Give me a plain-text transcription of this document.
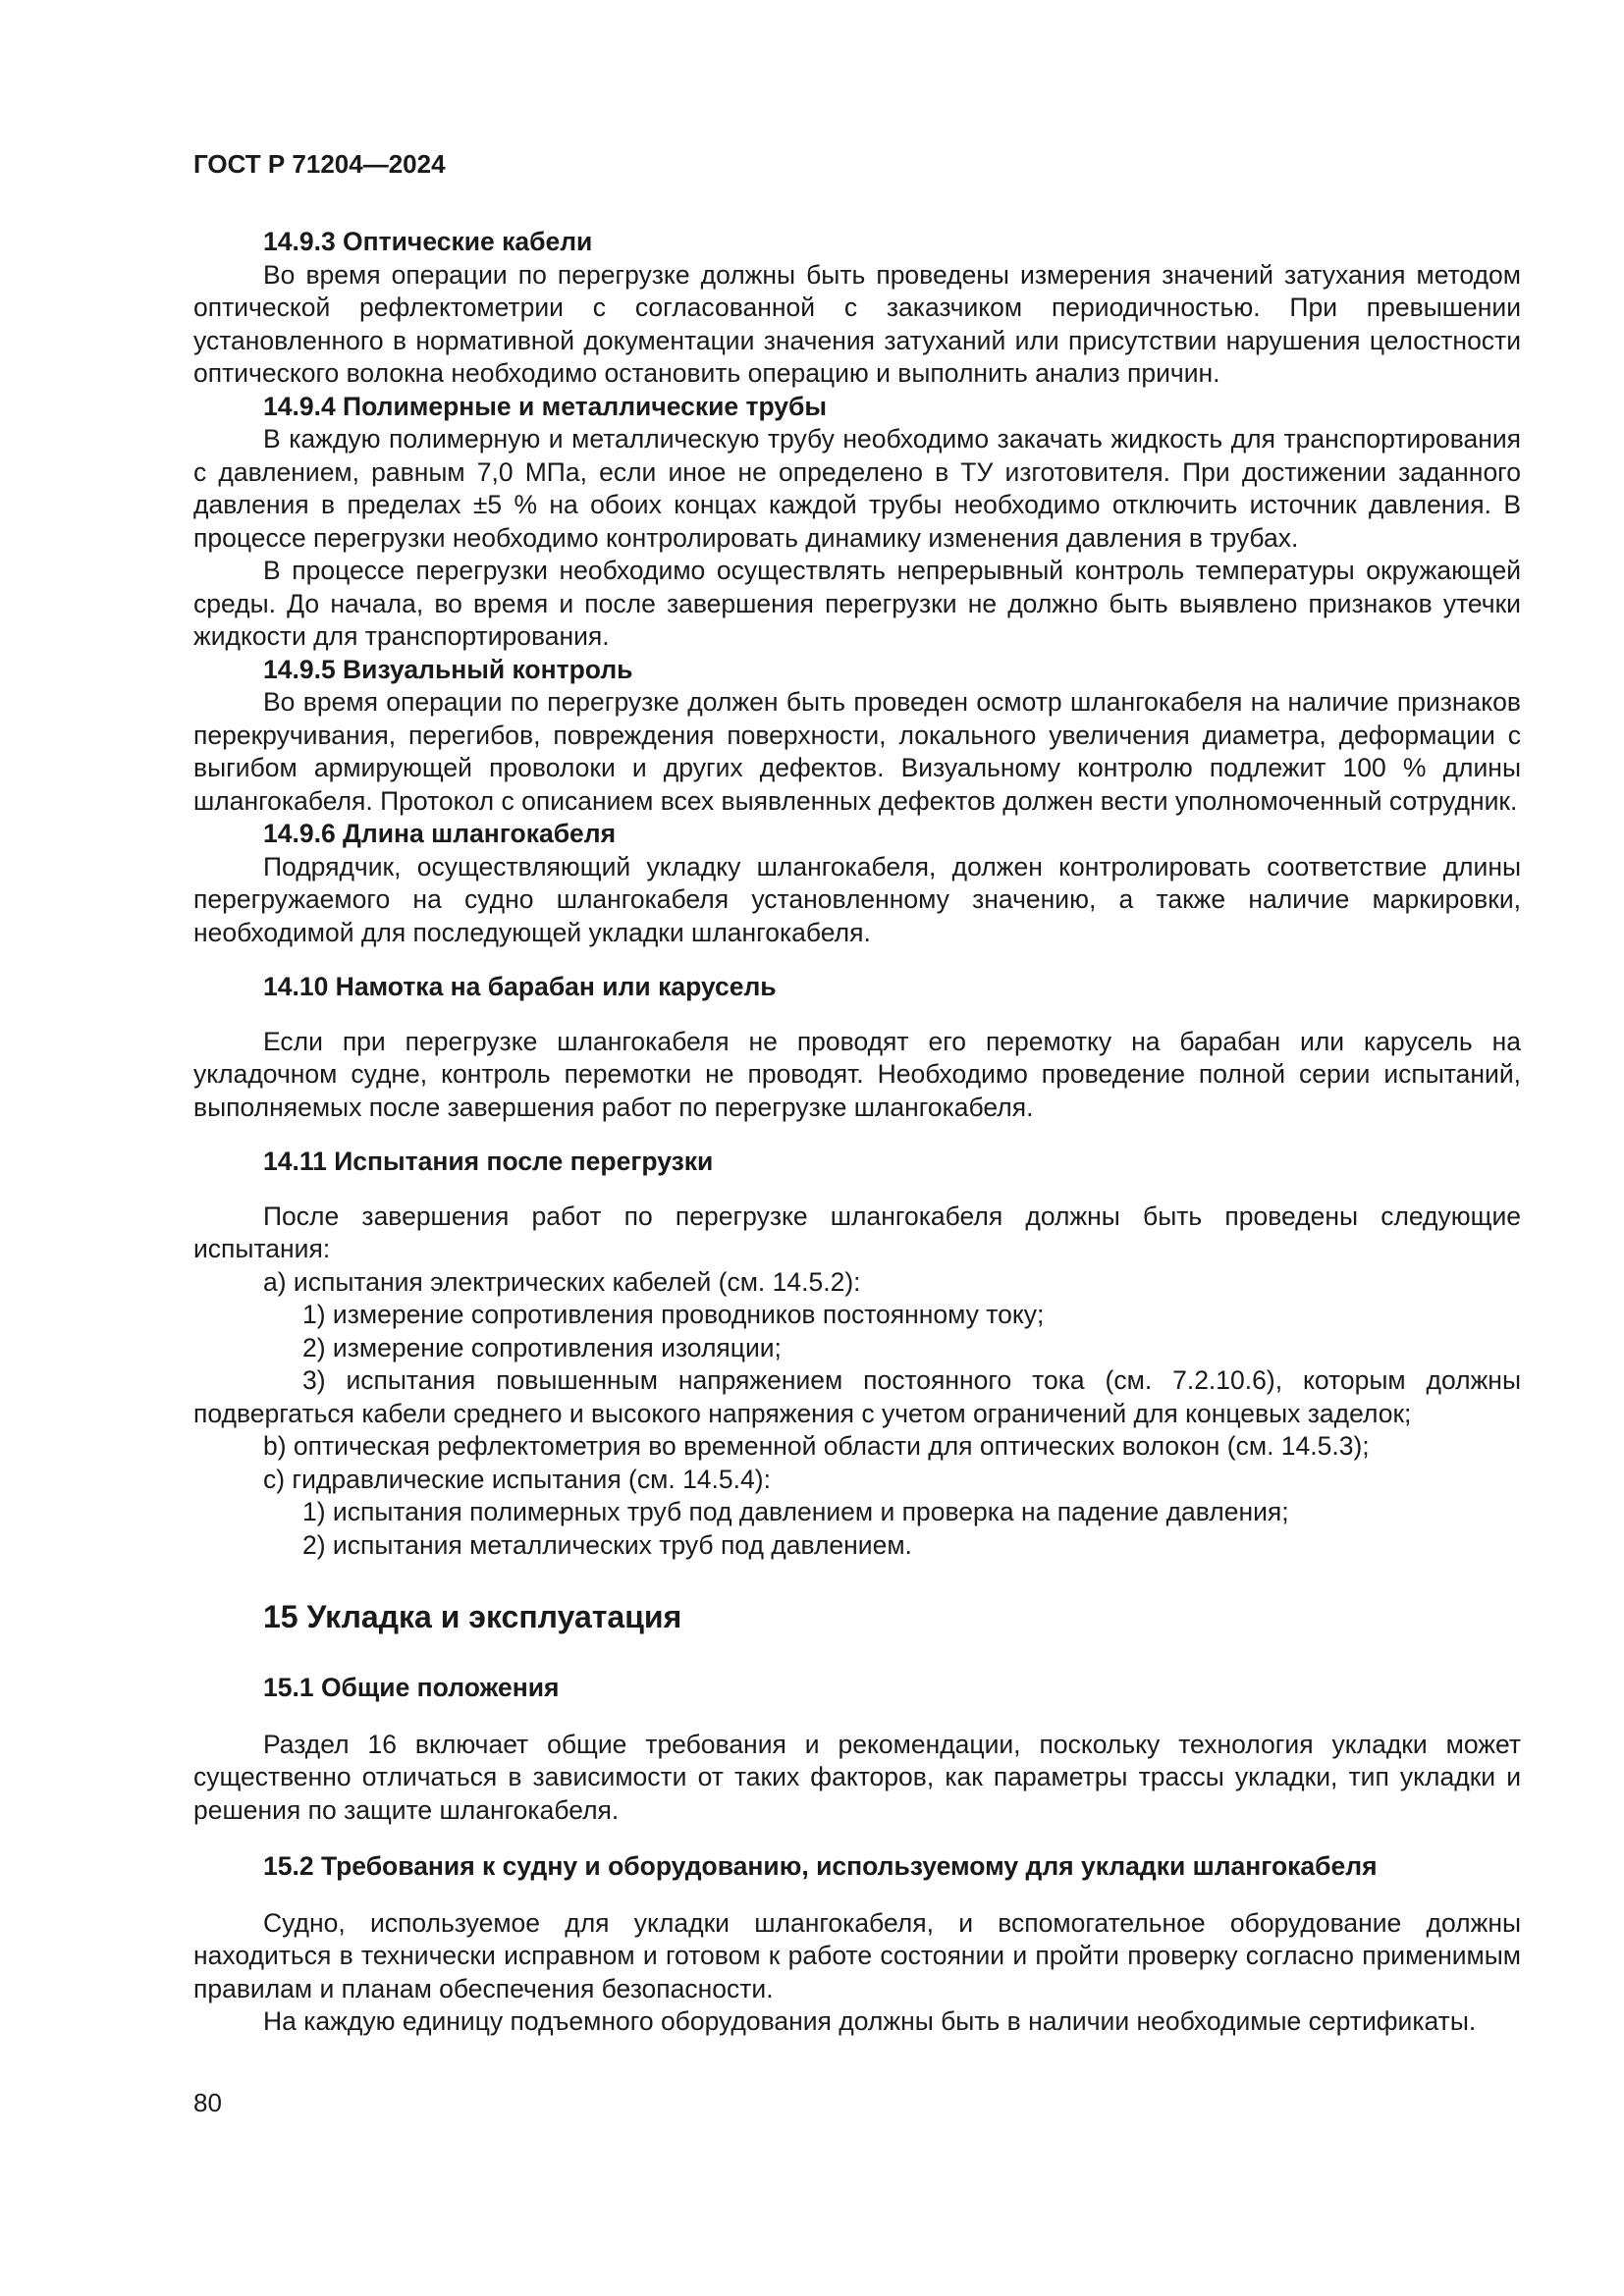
ГОСТ Р 71204—2024

14.9.3 Оптические кабели

Во время операции по перегрузке должны быть проведены измерения значений затухания методом оптической рефлектометрии с согласованной с заказчиком периодичностью. При превышении установленного в нормативной документации значения затуханий или присутствии нарушения целостности оптического волокна необходимо остановить операцию и выполнить анализ причин.

14.9.4 Полимерные и металлические трубы

В каждую полимерную и металлическую трубу необходимо закачать жидкость для транспортирования с давлением, равным 7,0 МПа, если иное не определено в ТУ изготовителя. При достижении заданного давления в пределах ±5 % на обоих концах каждой трубы необходимо отключить источник давления. В процессе перегрузки необходимо контролировать динамику изменения давления в трубах.

В процессе перегрузки необходимо осуществлять непрерывный контроль температуры окружающей среды. До начала, во время и после завершения перегрузки не должно быть выявлено признаков утечки жидкости для транспортирования.

14.9.5 Визуальный контроль

Во время операции по перегрузке должен быть проведен осмотр шлангокабеля на наличие признаков перекручивания, перегибов, повреждения поверхности, локального увеличения диаметра, деформации с выгибом армирующей проволоки и других дефектов. Визуальному контролю подлежит 100 % длины шлангокабеля. Протокол с описанием всех выявленных дефектов должен вести уполномоченный сотрудник.

14.9.6 Длина шлангокабеля

Подрядчик, осуществляющий укладку шлангокабеля, должен контролировать соответствие длины перегружаемого на судно шлангокабеля установленному значению, а также наличие маркировки, необходимой для последующей укладки шлангокабеля.

14.10 Намотка на барабан или карусель

Если при перегрузке шлангокабеля не проводят его перемотку на барабан или карусель на укладочном судне, контроль перемотки не проводят. Необходимо проведение полной серии испытаний, выполняемых после завершения работ по перегрузке шлангокабеля.

14.11 Испытания после перегрузки

После завершения работ по перегрузке шлангокабеля должны быть проведены следующие испытания:

a) испытания электрических кабелей (см. 14.5.2):

1) измерение сопротивления проводников постоянному току;

2) измерение сопротивления изоляции;

3) испытания повышенным напряжением постоянного тока (см. 7.2.10.6), которым должны подвергаться кабели среднего и высокого напряжения с учетом ограничений для концевых заделок;

b) оптическая рефлектометрия во временной области для оптических волокон (см. 14.5.3);

c) гидравлические испытания (см. 14.5.4):

1) испытания полимерных труб под давлением и проверка на падение давления;

2) испытания металлических труб под давлением.

15 Укладка и эксплуатация

15.1 Общие положения

Раздел 16 включает общие требования и рекомендации, поскольку технология укладки может существенно отличаться в зависимости от таких факторов, как параметры трассы укладки, тип укладки и решения по защите шлангокабеля.

15.2 Требования к судну и оборудованию, используемому для укладки шлангокабеля

Судно, используемое для укладки шлангокабеля, и вспомогательное оборудование должны находиться в технически исправном и готовом к работе состоянии и пройти проверку согласно применимым правилам и планам обеспечения безопасности.

На каждую единицу подъемного оборудования должны быть в наличии необходимые сертификаты.

80
